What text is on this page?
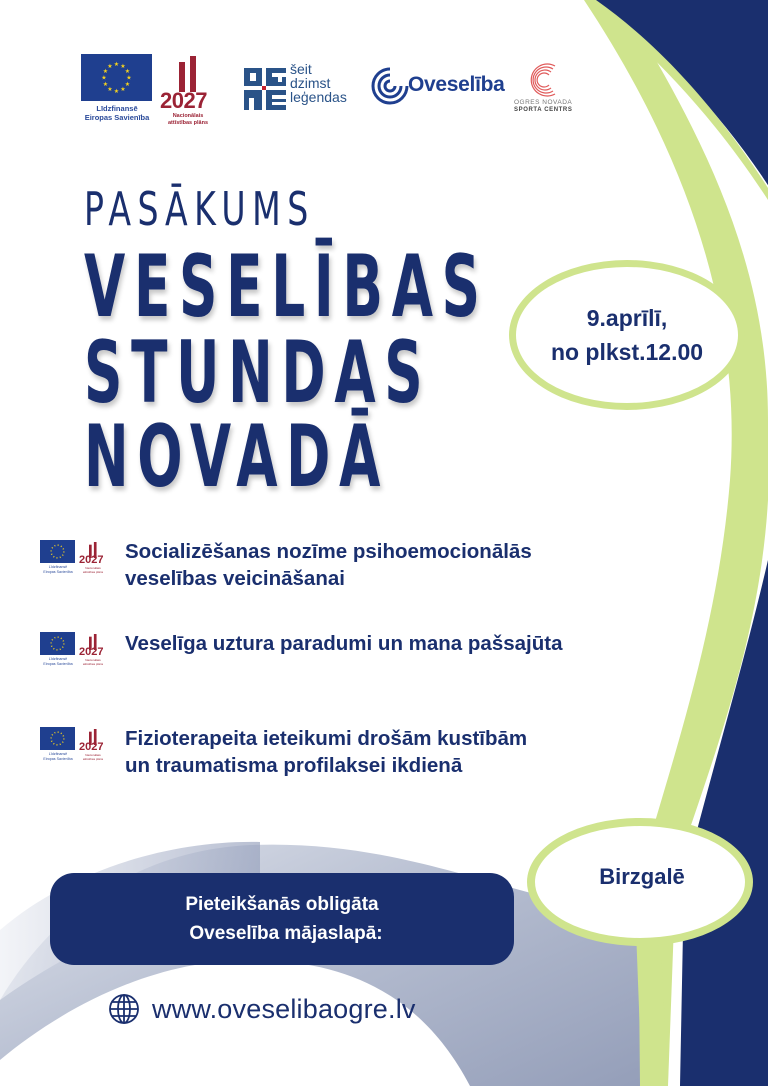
★ ★
★
★
★
★
★
★
★
★
★
★
Līdzfinansē
Eiropas Savienība
2027
Nacionālais
attīstības plāns
šeit
dzimst
leģendas
Oveselība
OGRES NOVADA
SPORTA CENTRS
PASĀKUMS
VESELĪBAS
STUNDAS
NOVADĀ
9.aprīlī,
no plkst.12.00
Līdzfinansē
Eiropas Savienība
2027
Nacionālais
attīstības plāns
Socializēšanas nozīme psihoemocionālās
veselības veicināšanai
Līdzfinansē
Eiropas Savienība
2027
Nacionālais
attīstības plāns
Veselīga uztura paradumi un mana pašsajūta
Līdzfinansē
Eiropas Savienība
2027
Nacionālais
attīstības plāns
Fizioterapeita ieteikumi drošām kustībām
un traumatisma profilaksei ikdienā
Pieteikšanās obligāta
Oveselība mājaslapā:
www.oveselibaogre.lv
Birzgalē
